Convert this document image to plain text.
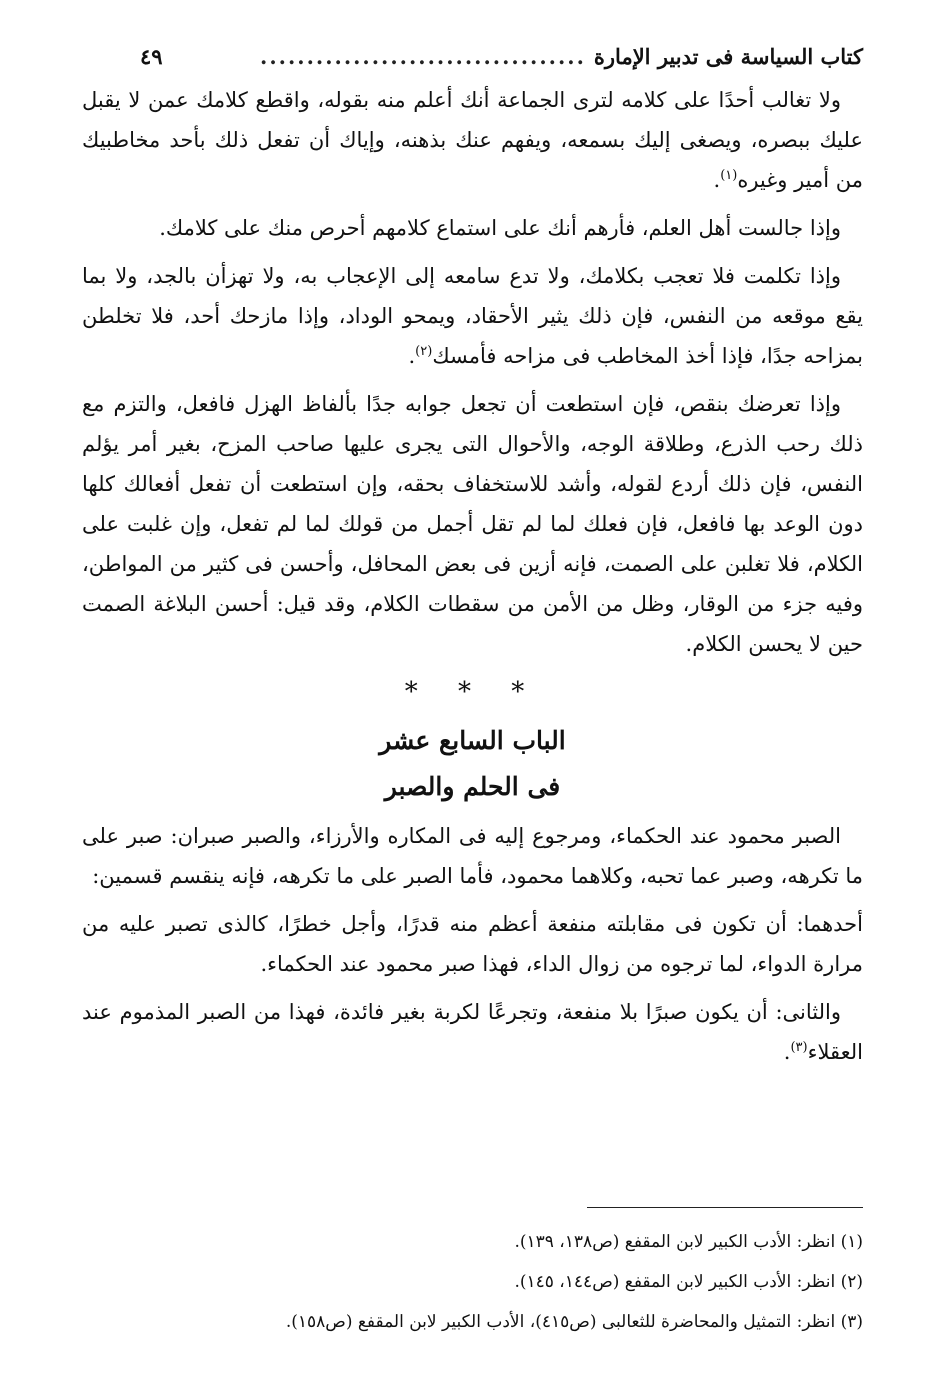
كتاب السياسة فى تدبير الإمارة
...................................
٤٩

ولا تغالب أحدًا على كلامه لترى الجماعة أنك أعلم منه بقوله، واقطع كلامك عمن لا يقبل عليك ببصره، ويصغى إليك بسمعه، ويفهم عنك بذهنه، وإياك أن تفعل ذلك بأحد مخاطبيك من أمير وغيره$^{(١)}$.

وإذا جالست أهل العلم، فأرهم أنك على استماع كلامهم أحرص منك على كلامك.

وإذا تكلمت فلا تعجب بكلامك، ولا تدع سامعه إلى الإعجاب به، ولا تهزأن بالجد، ولا بما يقع موقعه من النفس، فإن ذلك يثير الأحقاد، ويمحو الوداد، وإذا مازحك أحد، فلا تخلطن بمزاحه جدًا، فإذا أخذ المخاطب فى مزاحه فأمسك$^{(٢)}$.

وإذا تعرضك بنقص، فإن استطعت أن تجعل جوابه جدًا بألفاظ الهزل فافعل، والتزم مع ذلك رحب الذرع، وطلاقة الوجه، والأحوال التى يجرى عليها صاحب المزح، بغير أمر يؤلم النفس، فإن ذلك أردع لقوله، وأشد للاستخفاف بحقه، وإن استطعت أن تفعل أفعالك كلها دون الوعد بها فافعل، فإن فعلك لما لم تقل أجمل من قولك لما لم تفعل، وإن غلبت على الكلام، فلا تغلبن على الصمت، فإنه أزين فى بعض المحافل، وأحسن فى كثير من المواطن، وفيه جزء من الوقار، وظل من الأمن من سقطات الكلام، وقد قيل: أحسن البلاغة الصمت حين لا يحسن الكلام.

* * *
الباب السابع عشر
فى الحلم والصبر

الصبر محمود عند الحكماء، ومرجوع إليه فى المكاره والأرزاء، والصبر صبران: صبر على ما تكرهه، وصبر عما تحبه، وكلاهما محمود، فأما الصبر على ما تكرهه، فإنه ينقسم قسمين:

أحدهما: أن تكون فى مقابلته منفعة أعظم منه قدرًا، وأجل خطرًا، كالذى تصبر عليه من مرارة الدواء، لما ترجوه من زوال الداء، فهذا صبر محمود عند الحكماء.

والثانى: أن يكون صبرًا بلا منفعة، وتجرعًا لكربة بغير فائدة، فهذا من الصبر المذموم عند العقلاء$^{(٣)}$.

(١) انظر: الأدب الكبير لابن المقفع (ص١٣٨، ١٣٩).
(٢) انظر: الأدب الكبير لابن المقفع (ص١٤٤، ١٤٥).
(٣) انظر: التمثيل والمحاضرة للثعالبى (ص٤١٥)، الأدب الكبير لابن المقفع (ص١٥٨).
